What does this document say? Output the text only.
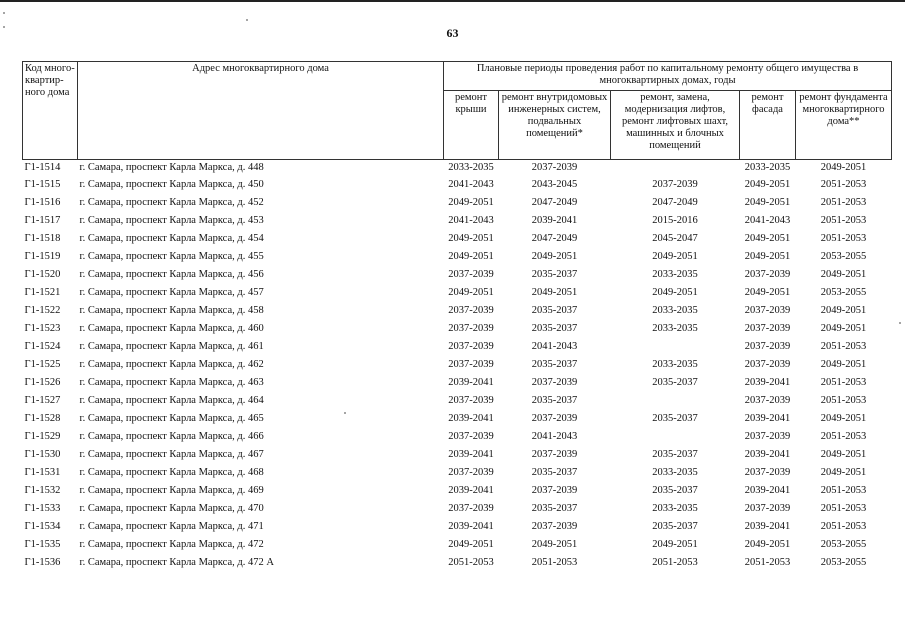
63
Код много-квартир-ного дома	Адрес многоквартирного дома	Плановые периоды проведения работ по капитальному ремонту общего имущества в многоквартирных домах, годы				
		ремонт крыши	ремонт внутридомовых инженерных систем, подвальных помещений*	ремонт, замена, модернизация лифтов, ремонт лифтовых шахт, машинных и блочных помещений	ремонт фасада	ремонт фундамента многоквартирного дома**
Г1-1514	г. Самара, проспект Карла Маркса, д. 448	2033-2035	2037-2039		2033-2035	2049-2051
Г1-1515	г. Самара, проспект Карла Маркса, д. 450	2041-2043	2043-2045	2037-2039	2049-2051	2051-2053
Г1-1516	г. Самара, проспект Карла Маркса, д. 452	2049-2051	2047-2049	2047-2049	2049-2051	2051-2053
Г1-1517	г. Самара, проспект Карла Маркса, д. 453	2041-2043	2039-2041	2015-2016	2041-2043	2051-2053
Г1-1518	г. Самара, проспект Карла Маркса, д. 454	2049-2051	2047-2049	2045-2047	2049-2051	2051-2053
Г1-1519	г. Самара, проспект Карла Маркса, д. 455	2049-2051	2049-2051	2049-2051	2049-2051	2053-2055
Г1-1520	г. Самара, проспект Карла Маркса, д. 456	2037-2039	2035-2037	2033-2035	2037-2039	2049-2051
Г1-1521	г. Самара, проспект Карла Маркса, д. 457	2049-2051	2049-2051	2049-2051	2049-2051	2053-2055
Г1-1522	г. Самара, проспект Карла Маркса, д. 458	2037-2039	2035-2037	2033-2035	2037-2039	2049-2051
Г1-1523	г. Самара, проспект Карла Маркса, д. 460	2037-2039	2035-2037	2033-2035	2037-2039	2049-2051
Г1-1524	г. Самара, проспект Карла Маркса, д. 461	2037-2039	2041-2043		2037-2039	2051-2053
Г1-1525	г. Самара, проспект Карла Маркса, д. 462	2037-2039	2035-2037	2033-2035	2037-2039	2049-2051
Г1-1526	г. Самара, проспект Карла Маркса, д. 463	2039-2041	2037-2039	2035-2037	2039-2041	2051-2053
Г1-1527	г. Самара, проспект Карла Маркса, д. 464	2037-2039	2035-2037		2037-2039	2051-2053
Г1-1528	г. Самара, проспект Карла Маркса, д. 465	2039-2041	2037-2039	2035-2037	2039-2041	2049-2051
Г1-1529	г. Самара, проспект Карла Маркса, д. 466	2037-2039	2041-2043		2037-2039	2051-2053
Г1-1530	г. Самара, проспект Карла Маркса, д. 467	2039-2041	2037-2039	2035-2037	2039-2041	2049-2051
Г1-1531	г. Самара, проспект Карла Маркса, д. 468	2037-2039	2035-2037	2033-2035	2037-2039	2049-2051
Г1-1532	г. Самара, проспект Карла Маркса, д. 469	2039-2041	2037-2039	2035-2037	2039-2041	2051-2053
Г1-1533	г. Самара, проспект Карла Маркса, д. 470	2037-2039	2035-2037	2033-2035	2037-2039	2051-2053
Г1-1534	г. Самара, проспект Карла Маркса, д. 471	2039-2041	2037-2039	2035-2037	2039-2041	2051-2053
Г1-1535	г. Самара, проспект Карла Маркса, д. 472	2049-2051	2049-2051	2049-2051	2049-2051	2053-2055
Г1-1536	г. Самара, проспект Карла Маркса, д. 472 А	2051-2053	2051-2053	2051-2053	2051-2053	2053-2055
